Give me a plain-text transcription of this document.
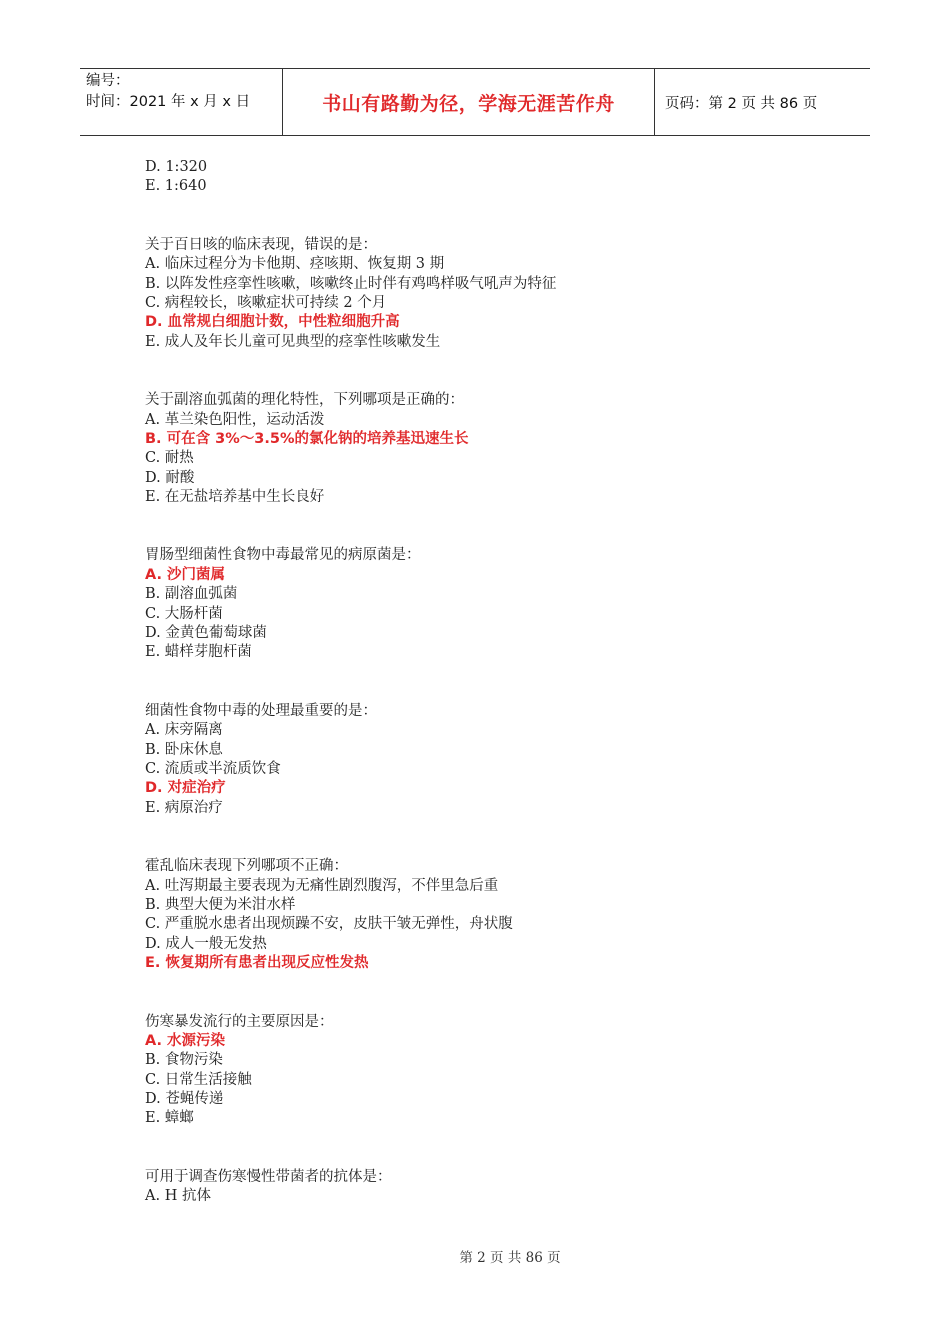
编号：
时间：2021 年 x 月 x 日	书山有路勤为径，学海无涯苦作舟	页码：第 2 页 共 86 页
D. 1:320
E. 1:640
关于百日咳的临床表现，错误的是：
A. 临床过程分为卡他期、痉咳期、恢复期 3 期
B. 以阵发性痉挛性咳嗽，咳嗽终止时伴有鸡鸣样吸气吼声为特征
C. 病程较长，咳嗽症状可持续 2 个月
D. 血常规白细胞计数，中性粒细胞升高
E. 成人及年长儿童可见典型的痉挛性咳嗽发生
关于副溶血弧菌的理化特性，下列哪项是正确的：
A. 革兰染色阳性，运动活泼
B. 可在含 3%～3.5%的氯化钠的培养基迅速生长
C. 耐热
D. 耐酸
E. 在无盐培养基中生长良好
胃肠型细菌性食物中毒最常见的病原菌是：
A. 沙门菌属
B. 副溶血弧菌
C. 大肠杆菌
D. 金黄色葡萄球菌
E. 蜡样芽胞杆菌
细菌性食物中毒的处理最重要的是：
A. 床旁隔离
B. 卧床休息
C. 流质或半流质饮食
D. 对症治疗
E. 病原治疗
霍乱临床表现下列哪项不正确：
A. 吐泻期最主要表现为无痛性剧烈腹泻，不伴里急后重
B. 典型大便为米泔水样
C. 严重脱水患者出现烦躁不安，皮肤干皱无弹性，舟状腹
D. 成人一般无发热
E. 恢复期所有患者出现反应性发热
伤寒暴发流行的主要原因是：
A. 水源污染
B. 食物污染
C. 日常生活接触
D. 苍蝇传递
E. 蟑螂
可用于调查伤寒慢性带菌者的抗体是：
A. H 抗体
第 2 页 共 86 页
